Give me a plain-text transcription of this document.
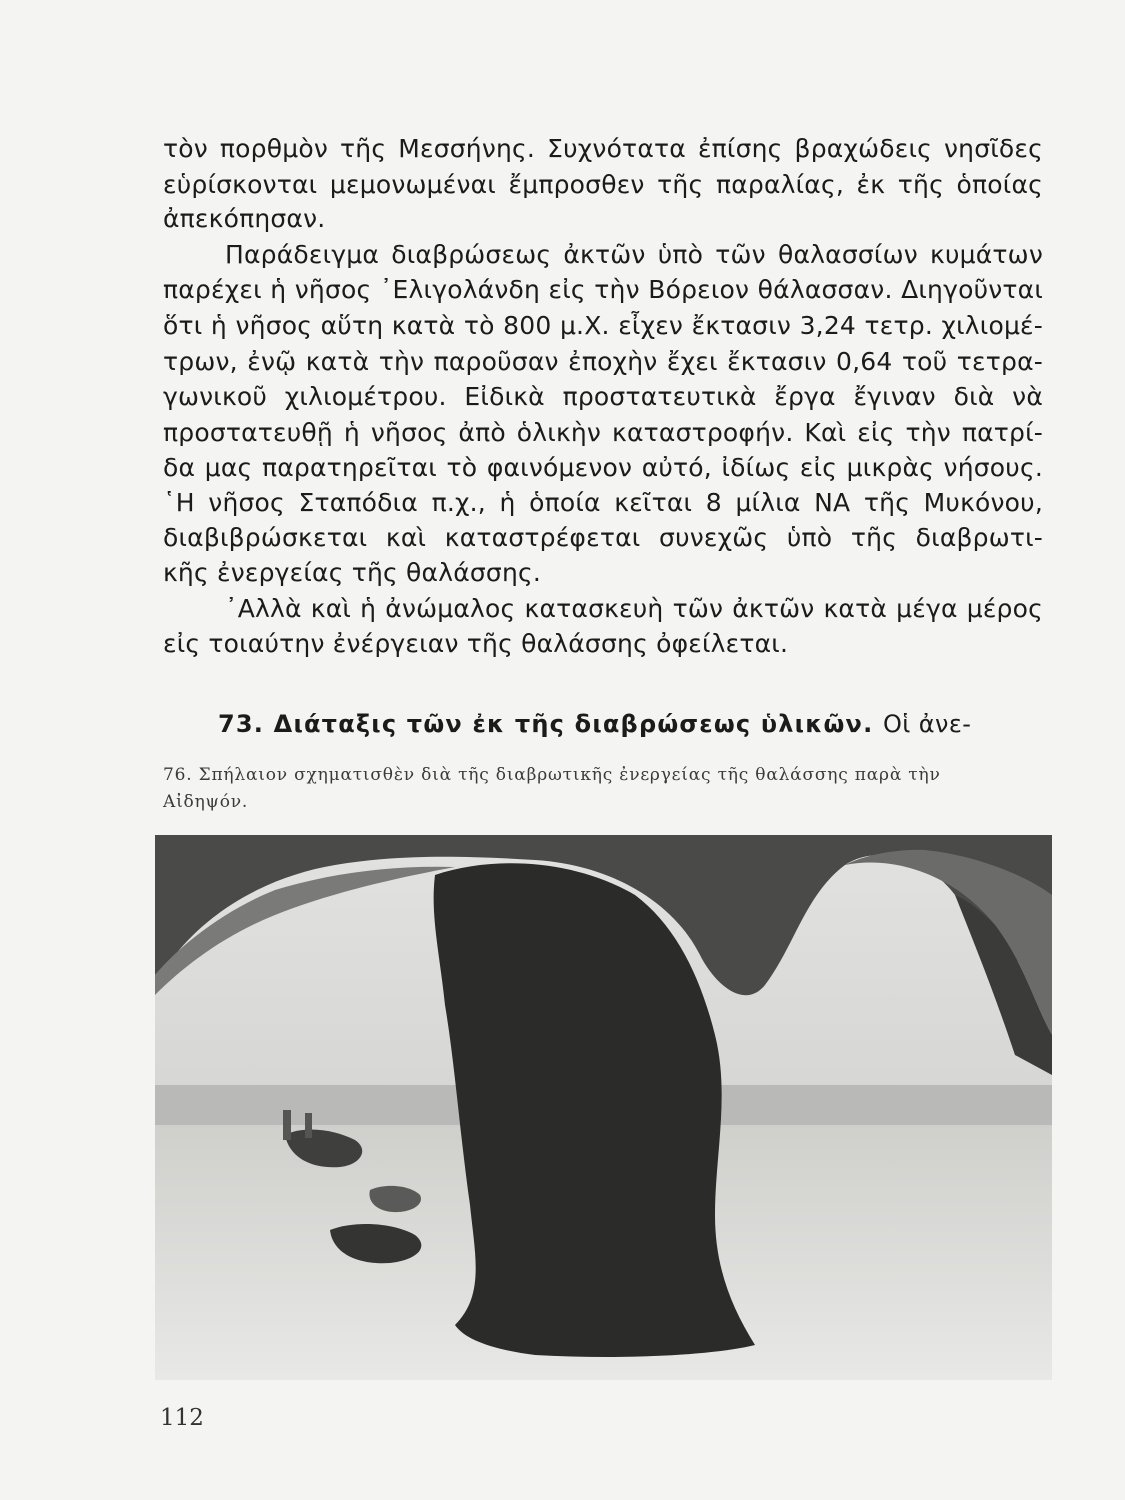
τὸν πορθμὸν τῆς Μεσσήνης. Συχνότατα ἐπίσης βραχώδεις νησῖδες
εὑρίσκονται μεμονωμέναι ἔμπροσθεν τῆς παραλίας, ἐκ τῆς ὁποίας
ἀπεκόπησαν.
Παράδειγμα διαβρώσεως ἀκτῶν ὑπὸ τῶν θαλασσίων κυμάτων
παρέχει ἡ νῆσος ᾿Ελιγολάνδη εἰς τὴν Βόρειον θάλασσαν. Διηγοῦνται
ὅτι ἡ νῆσος αὕτη κατὰ τὸ 800 μ.Χ. εἶχεν ἔκτασιν 3,24 τετρ. χιλιομέ-
τρων, ἐνῷ κατὰ τὴν παροῦσαν ἐποχὴν ἔχει ἔκτασιν 0,64 τοῦ τετρα-
γωνικοῦ χιλιομέτρου. Εἰδικὰ προστατευτικὰ ἔργα ἔγιναν διὰ νὰ
προστατευθῇ ἡ νῆσος ἀπὸ ὁλικὴν καταστροφήν. Καὶ εἰς τὴν πατρί-
δα μας παρατηρεῖται τὸ φαινόμενον αὐτό, ἰδίως εἰς μικρὰς νήσους.
῾Η νῆσος Σταπόδια π.χ., ἡ ὁποία κεῖται 8 μίλια ΝΑ τῆς Μυκόνου,
διαβιβρώσκεται καὶ καταστρέφεται συνεχῶς ὑπὸ τῆς διαβρωτι-
κῆς ἐνεργείας τῆς θαλάσσης.
᾿Αλλὰ καὶ ἡ ἀνώμαλος κατασκευὴ τῶν ἀκτῶν κατὰ μέγα μέρος
εἰς τοιαύτην ἐνέργειαν τῆς θαλάσσης ὀφείλεται.
73. Διάταξις τῶν ἐκ τῆς διαβρώσεως ὑλικῶν. Οἱ ἀνε-
76. Σπήλαιον σχηματισθὲν διὰ τῆς διαβρωτικῆς ἐνεργείας τῆς θαλάσσης παρὰ τὴν
Αἰδηψόν.
112
